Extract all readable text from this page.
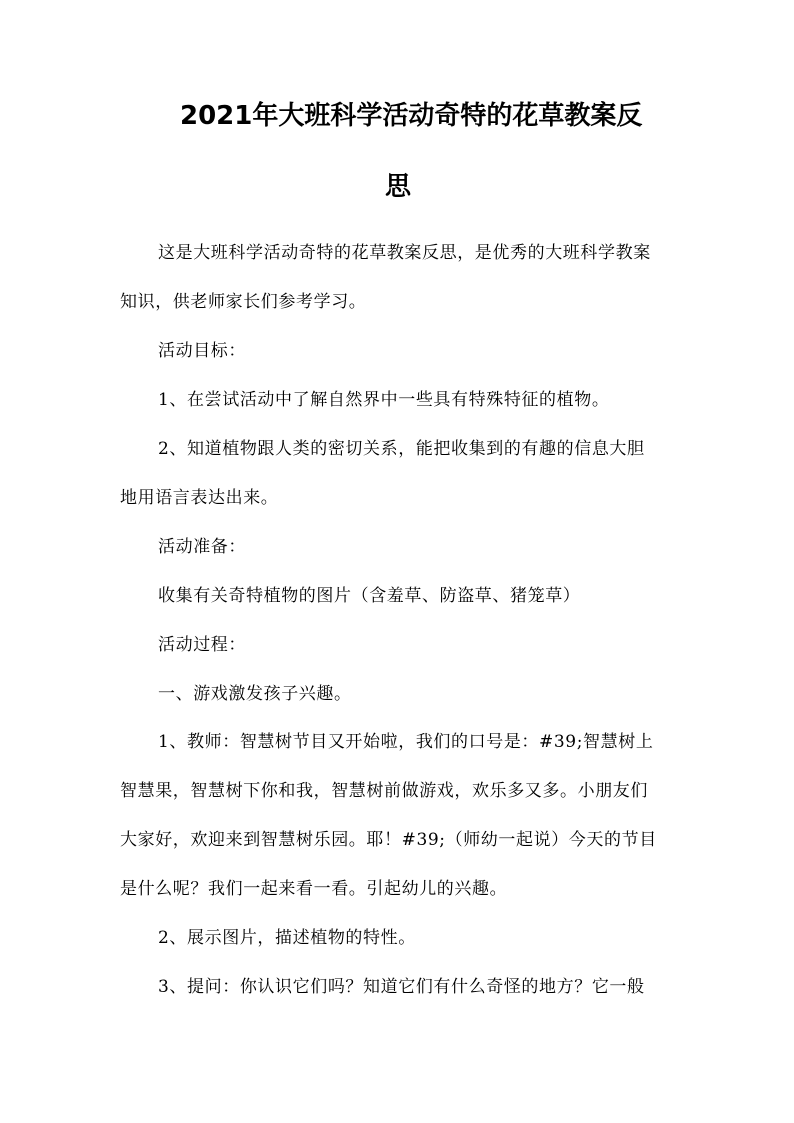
2021年大班科学活动奇特的花草教案反
思
这是大班科学活动奇特的花草教案反思，是优秀的大班科学教案
知识，供老师家长们参考学习。
活动目标：
1、在尝试活动中了解自然界中一些具有特殊特征的植物。
2、知道植物跟人类的密切关系，能把收集到的有趣的信息大胆
地用语言表达出来。
活动准备：
收集有关奇特植物的图片（含羞草、防盗草、猪笼草）
活动过程：
一、游戏激发孩子兴趣。
1、教师：智慧树节目又开始啦，我们的口号是：#39;智慧树上
智慧果，智慧树下你和我，智慧树前做游戏，欢乐多又多。小朋友们
大家好，欢迎来到智慧树乐园。耶！#39;（师幼一起说）今天的节目
是什么呢？我们一起来看一看。引起幼儿的兴趣。
2、展示图片，描述植物的特性。
3、提问：你认识它们吗？知道它们有什么奇怪的地方？它一般
